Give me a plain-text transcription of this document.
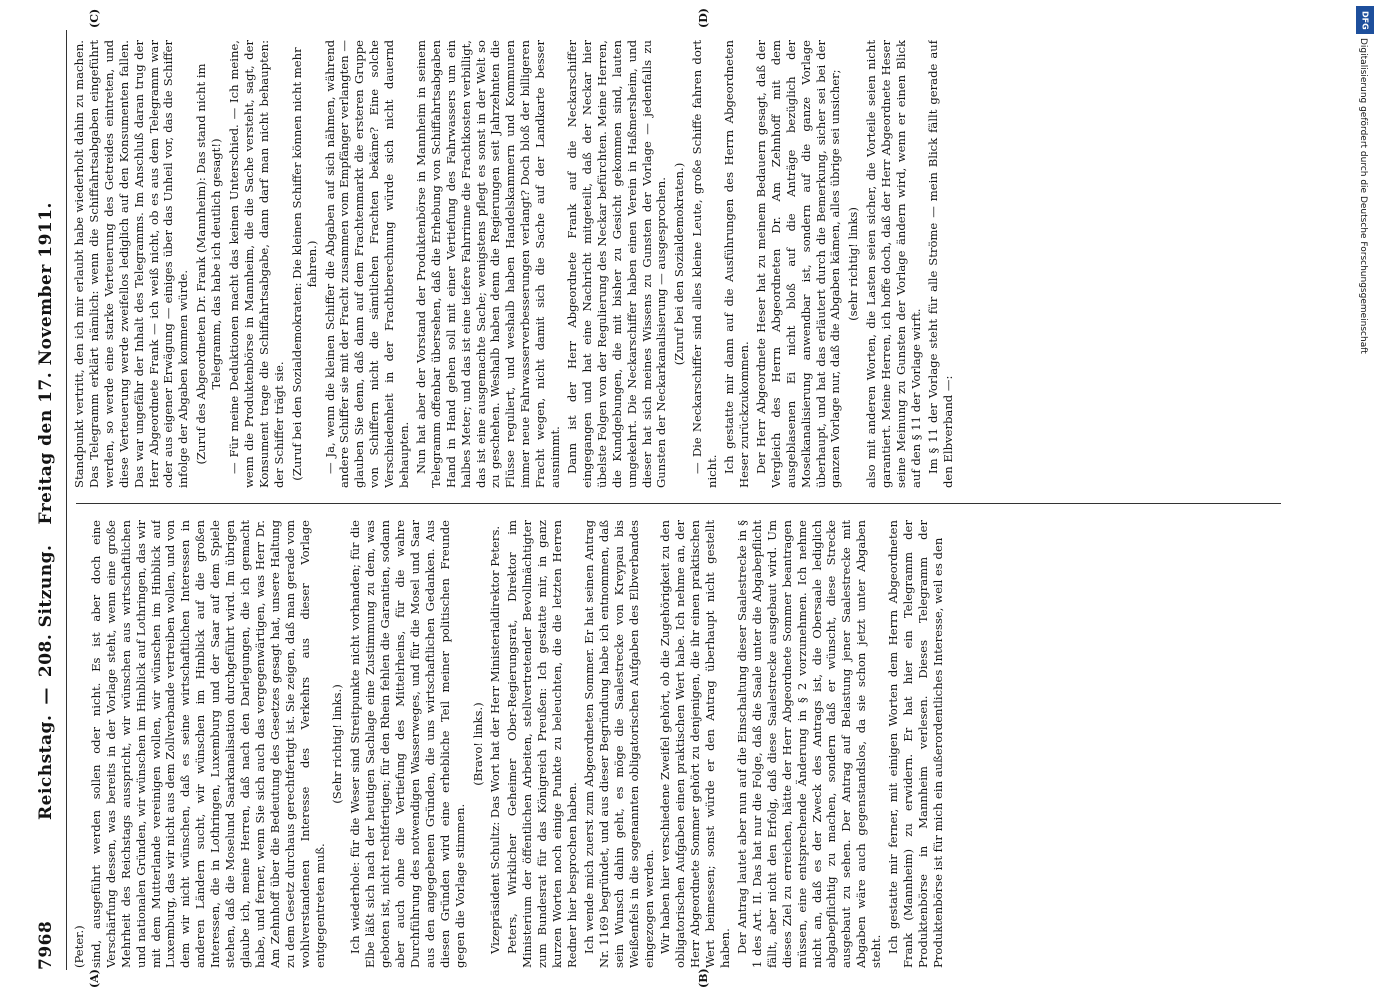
7968
Reichstag.—208. Sitzung.Freitag den 17. November 1911.
(A)	(B)
(C)	(D)

(Peter.) sind, ausgeführt werden sollen oder nicht. Es ist aber doch eine Verschärfung dessen, was bereits in der Vorlage steht, wenn eine große Mehrheit des Reichstags ausspricht, wir wünschen aus wirtschaftlichen und nationalen Gründen, wir wünschen im Hinblick auf Lothringen, das wir mit dem Mutterlande vereinigen wollen, wir wünschen im Hinblick auf Luxemburg, das wir nicht aus dem Zollverbande vertreiben wollen, und von dem wir nicht wünschen, daß es seine wirtschaftlichen Interessen in anderen Ländern sucht, wir wünschen im Hinblick auf die großen Interessen, die in Lothringen, Luxemburg und der Saar auf dem Spiele stehen, daß die Moselund Saarkanalisation durchgeführt wird. Im übrigen glaube ich, meine Herren, daß nach den Darlegungen, die ich gemacht habe, und ferner, wenn Sie sich auch das vergegenwärtigen, was Herr Dr. Am Zehnhoff über die Bedeutung des Gesetzes gesagt hat, unsere Haltung zu dem Gesetz durchaus gerechtfertigt ist. Sie zeigen, daß man gerade vom wohlverstandenen Interesse des Verkehrs aus dieser Vorlage entgegentreten muß.

(Sehr richtig! links.) Ich wiederhole: für die Weser sind Streitpunkte nicht vorhanden; für die Elbe läßt sich nach der heutigen Sachlage eine Zustimmung zu dem, was geboten ist, nicht rechtfertigen; für den Rhein fehlen die Garantien, sodann aber auch ohne die Vertiefung des Mittelrheins, für die wahre Durchführung des notwendigen Wasserweges, und für die Mosel und Saar aus den angegebenen Gründen, die uns wirtschaftlichen Gedanken. Aus diesen Gründen wird eine erhebliche Teil meiner politischen Freunde gegen die Vorlage stimmen.

(Bravo! links.) Vizepräsident Schultz: Das Wort hat der Herr Ministerialdirektor Peters. Peters, Wirklicher Geheimer Ober-Regierungsrat, Direktor im Ministerium der öffentlichen Arbeiten, stellvertretender Bevollmächtigter zum Bundesrat für das Königreich Preußen: Ich gestatte mir, in ganz kurzen Worten noch einige Punkte zu beleuchten, die die letzten Herren Redner hier besprochen haben. Ich wende mich zuerst zum Abgeordneten Sommer. Er hat seinen Antrag Nr. 1169 begründet, und aus dieser Begründung habe ich entnommen, daß sein Wunsch dahin geht, es möge die Saalestrecke von Kreypau bis Weißenfels in die sogenannten obligatorischen Aufgaben des Elbverbandes eingezogen werden. Wir haben hier verschiedene Zweifel gehört, ob die Zugehörigkeit zu den obligatorischen Aufgaben einen praktischen Wert habe. Ich nehme an, der Herr Abgeordnete Sommer gehört zu denjenigen, die ihr einen praktischen Wert beimessen; sonst würde er den Antrag überhaupt nicht gestellt haben. Der Antrag lautet aber nun auf die Einschaltung dieser Saalestrecke in § 1 des Art. II. Das hat nur die Folge, daß die Saale unter die Abgabepflicht fällt, aber nicht den Erfolg, daß diese Saalestrecke ausgebaut wird. Um dieses Ziel zu erreichen, hätte der Herr Abgeordnete Sommer beantragen müssen, eine entsprechende Änderung in § 2 vorzunehmen. Ich nehme nicht an, daß es der Zweck des Antrags ist, die Obersaale lediglich abgabepflichtig zu machen, sondern daß er wünscht, diese Strecke ausgebaut zu sehen. Der Antrag auf Belastung jener Saalestrecke mit Abgaben wäre auch gegenstandslos, da sie schon jetzt unter Abgaben steht. Ich gestatte mir ferner, mit einigen Worten dem Herrn Abgeordneten Frank (Mannheim) zu erwidern. Er hat hier ein Telegramm der Produktenbörse in Mannheim verlesen. Dieses Telegramm der Produktenbörse ist für mich ein außerordentliches Interesse, weil es den

Standpunkt vertritt, den ich mir erlaubt habe wiederholt dahin zu machen. Das Telegramm erklärt nämlich: wenn die Schiffahrtsabgaben eingeführt werden, so werde eine starke Verteuerung des Getreides eintreten, und diese Verteuerung werde zweifellos lediglich auf den Konsumenten fallen. Das war ungefähr der Inhalt des Telegramms. Im Anschluß daran trug der Herr Abgeordnete Frank — ich weiß nicht, ob es aus dem Telegramm war oder aus eigener Erwägung — einiges über das Unheil vor, das die Schiffer infolge der Abgaben kommen würde. (Zuruf des Abgeordneten Dr. Frank (Mannheim): Das stand nicht im Telegramm, das habe ich deutlich gesagt!) — Für meine Deduktionen macht das keinen Unterschied. — Ich meine, wenn die Produktenbörse in Mannheim, die die Sache versteht, sagt, der Konsument trage die Schiffahrtsabgabe, dann darf man nicht behaupten: der Schiffer trägt sie. (Zuruf bei den Sozialdemokraten: Die kleinen Schiffer können nicht mehr fahren.) — Ja, wenn die kleinen Schiffer die Abgaben auf sich nähmen, während andere Schiffer sie mit der Fracht zusammen vom Empfänger verlangten — glauben Sie denn, daß dann auf dem Frachtenmarkt die ersteren Gruppe von Schiffern nicht die sämtlichen Frachten bekäme? Eine solche Verschiedenheit in der Frachtberechnung würde sich nicht dauernd behaupten. Nun hat aber der Vorstand der Produktenbörse in Mannheim in seinem Telegramm offenbar übersehen, daß die Erhebung von Schiffahrtsabgaben Hand in Hand gehen soll mit einer Vertiefung des Fahrwassers um ein halbes Meter; und das ist eine tiefere Fahrrinne die Frachtkosten verbilligt, das ist eine ausgemachte Sache; wenigstens pflegt es sonst in der Welt so zu geschehen. Weshalb haben denn die Regierungen seit Jahrzehnten die Flüsse reguliert, und weshalb haben Handelskammern und Kommunen immer neue Fahrwasserverbesserungen verlangt? Doch bloß der billigeren Fracht wegen, nicht damit sich die Sache auf der Landkarte besser ausnimmt. Dann ist der Herr Abgeordnete Frank auf die Neckarschiffer eingegangen und hat eine Nachricht mitgeteilt, daß der Neckar hier übelste Folgen von der Regulierung des Neckar befürchten. Meine Herren, die Kundgebungen, die mit bisher zu Gesicht gekommen sind, lauten umgekehrt. Die Neckarschiffer haben einen Verein in Haßmersheim, und dieser hat sich meines Wissens zu Gunsten der Vorlage — jedenfalls zu Gunsten der Neckarkanalisierung — ausgesprochen. (Zuruf bei den Sozialdemokraten.) — Die Neckarschiffer sind alles kleine Leute, große Schiffe fahren dort nicht. Ich gestatte mir dann auf die Ausführungen des Herrn Abgeordneten Heser zurückzukommen. Der Herr Abgeordnete Heser hat zu meinem Bedauern gesagt, daß der Vergleich des Herrn Abgeordneten Dr. Am Zehnhoff mit dem ausgeblasenen Ei nicht bloß auf die Anträge bezüglich der Moselkanalisierung anwendbar ist, sondern auf die ganze Vorlage überhaupt, und hat das erläutert durch die Bemerkung, sicher sei bei der ganzen Vorlage nur, daß die Abgaben kämen, alles übrige sei unsicher; (sehr richtig! links) also mit anderen Worten, die Lasten seien sicher, die Vorteile seien nicht garantiert. Meine Herren, ich hoffe doch, daß der Herr Abgeordnete Heser seine Meinung zu Gunsten der Vorlage ändern wird, wenn er einen Blick auf den § 11 der Vorlage wirft. Im § 11 der Vorlage steht für alle Ströme — mein Blick fällt gerade auf den Elbverband —:

DFG
Digitalisierung gefördert durch die Deutsche Forschungsgemeinschaft
